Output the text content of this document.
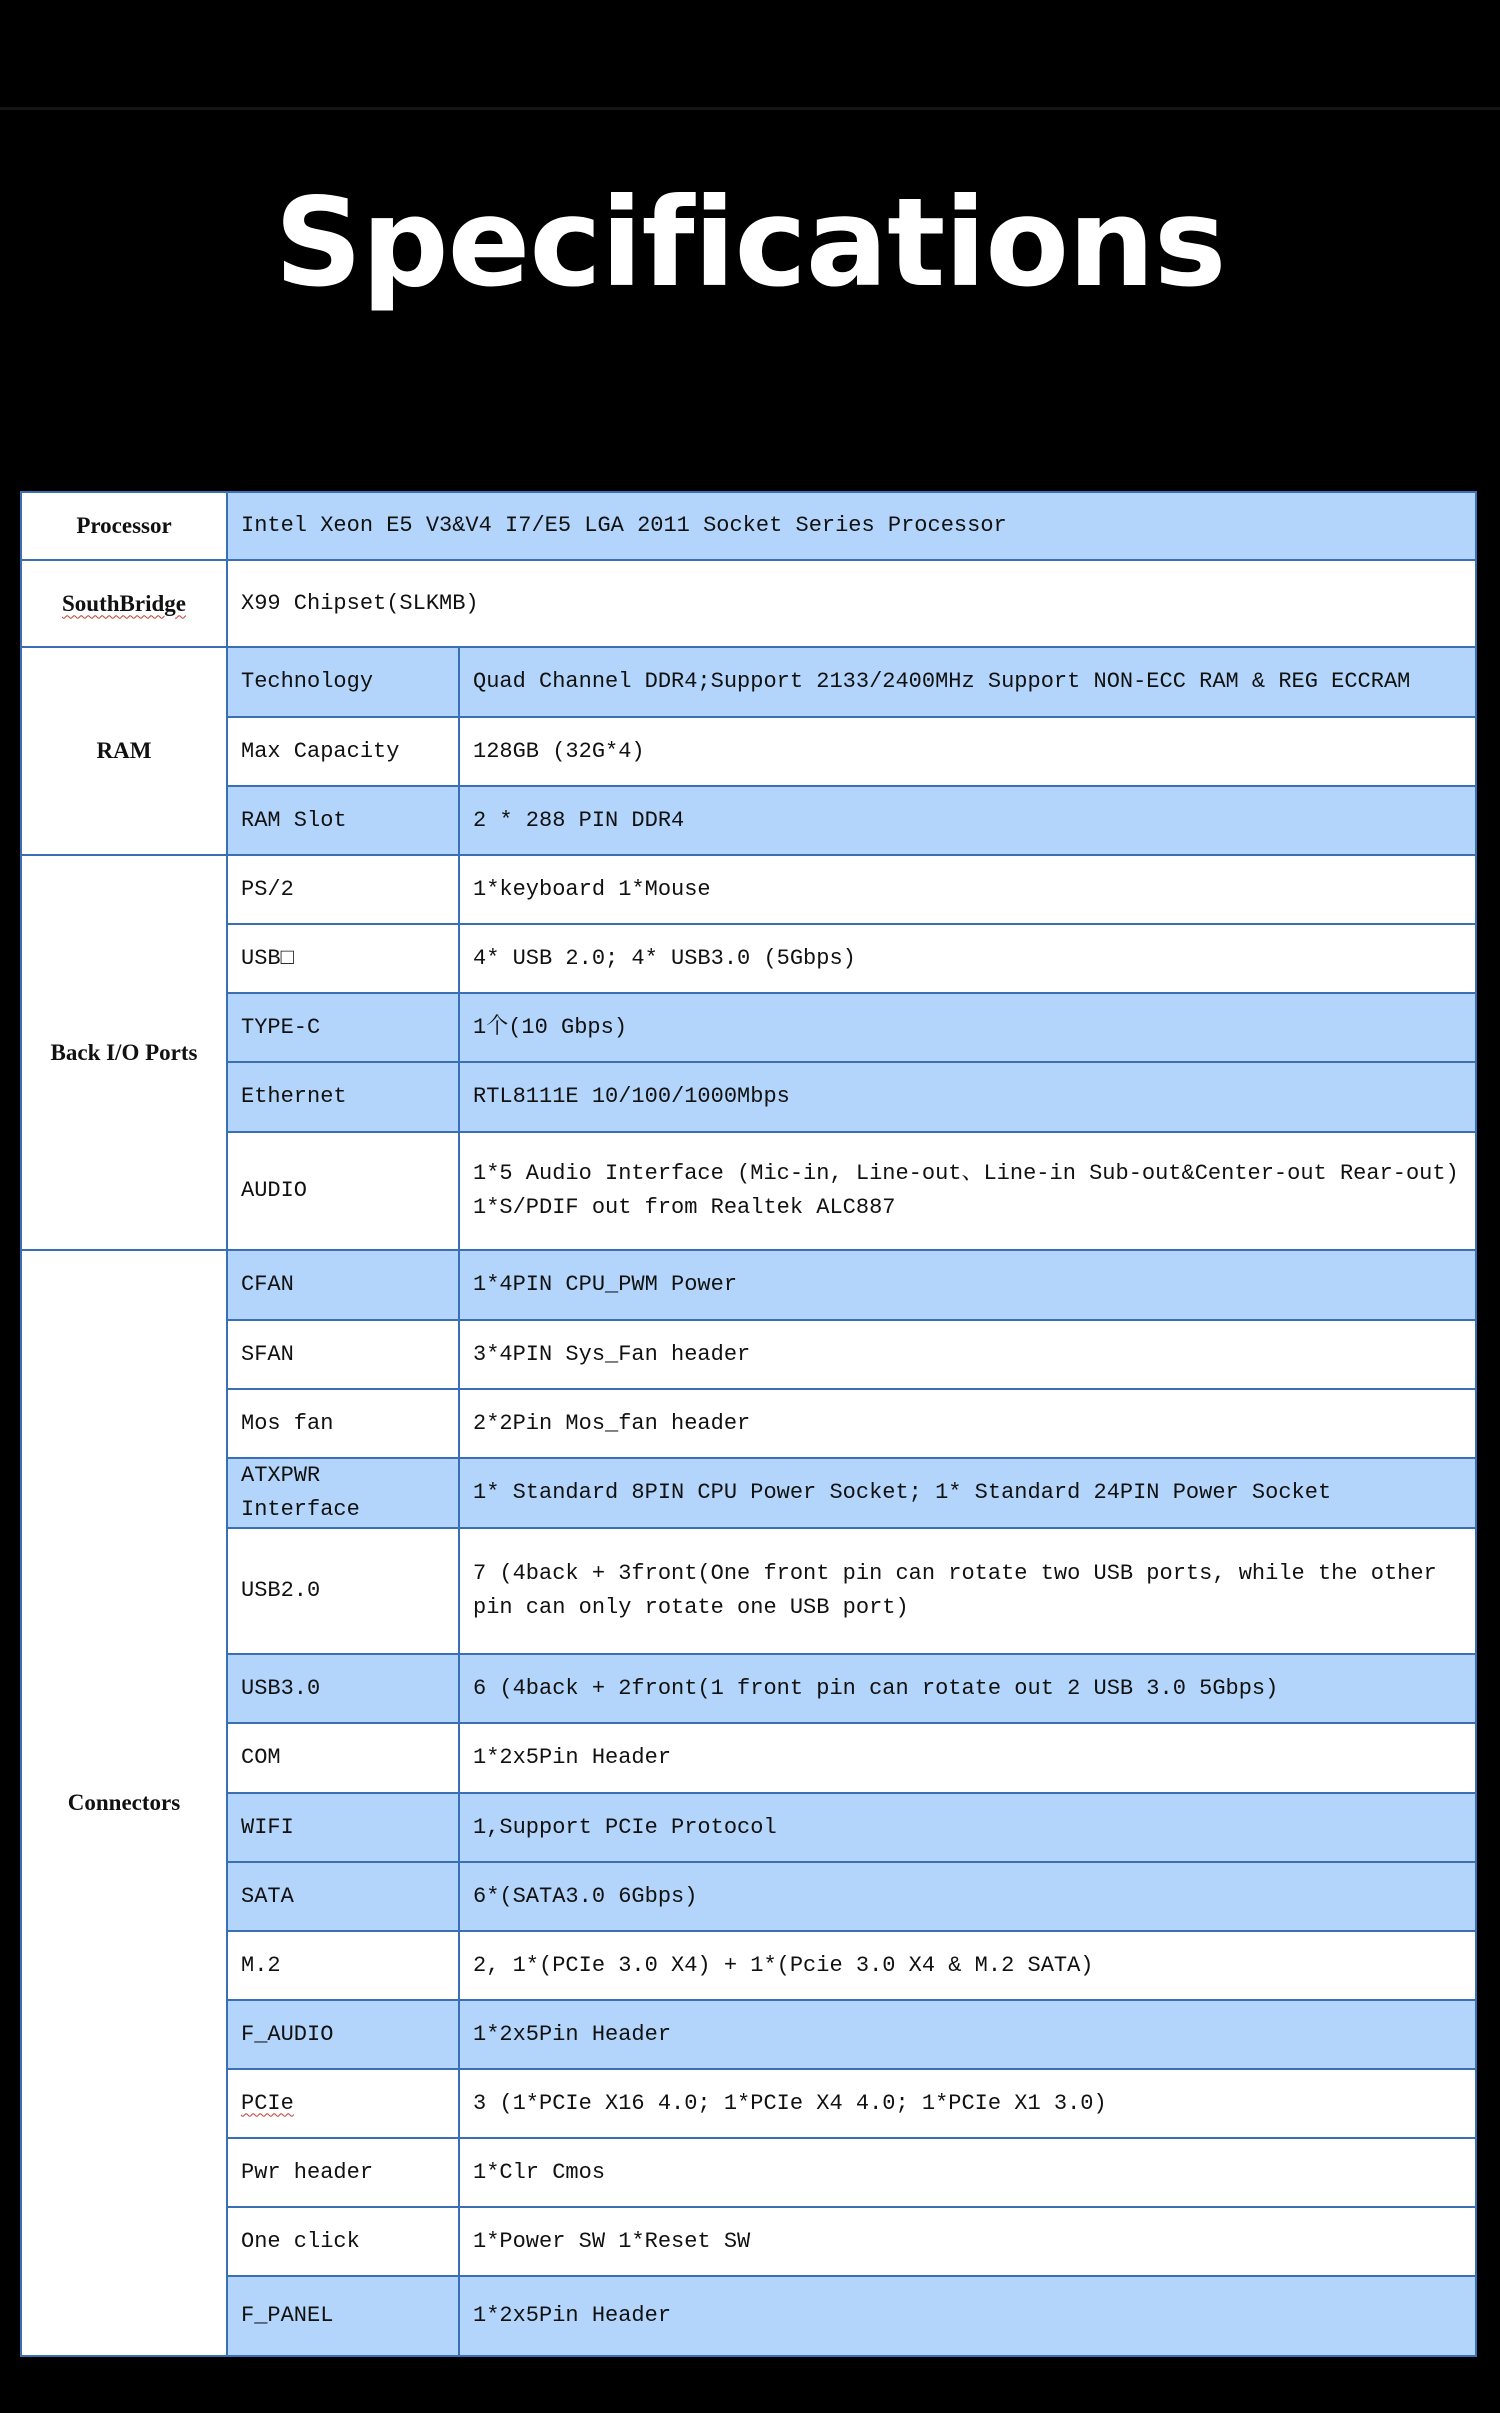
Specifications
Processor	Intel Xeon E5 V3&V4 I7/E5 LGA 2011 Socket Series Processor	
SouthBridge	X99 Chipset(SLKMB)	
RAM	Technology	Quad Channel DDR4;Support 2133/2400MHz Support NON-ECC RAM & REG ECCRAM
	Max Capacity	128GB (32G*4)
	RAM Slot	2 * 288 PIN DDR4
Back I/O Ports	PS/2	1*keyboard 1*Mouse
	USB□	4* USB 2.0; 4* USB3.0 (5Gbps)
	TYPE-C	1个(10 Gbps)
	Ethernet	RTL8111E 10/100/1000Mbps
	AUDIO	1*5 Audio Interface (Mic-in, Line-out、Line-in Sub-out&Center-out Rear-out) 1*S/PDIF out from Realtek ALC887
Connectors	CFAN	1*4PIN CPU_PWM Power
	SFAN	3*4PIN Sys_Fan header
	Mos fan	2*2Pin Mos_fan header
	ATXPWR Interface	1* Standard 8PIN CPU Power Socket; 1* Standard 24PIN Power Socket
	USB2.0	7 (4back + 3front(One front pin can rotate two USB ports, while the other pin can only rotate one USB port)
	USB3.0	6 (4back + 2front(1 front pin can rotate out 2 USB 3.0 5Gbps)
	COM	1*2x5Pin Header
	WIFI	1,Support PCIe Protocol
	SATA	6*(SATA3.0 6Gbps)
	M.2	2, 1*(PCIe 3.0 X4) + 1*(Pcie 3.0 X4 & M.2 SATA)
	F_AUDIO	1*2x5Pin Header
	PCIe	3 (1*PCIe X16 4.0; 1*PCIe X4 4.0; 1*PCIe X1 3.0)
	Pwr header	1*Clr Cmos
	One click	1*Power SW 1*Reset SW
	F_PANEL	1*2x5Pin Header
